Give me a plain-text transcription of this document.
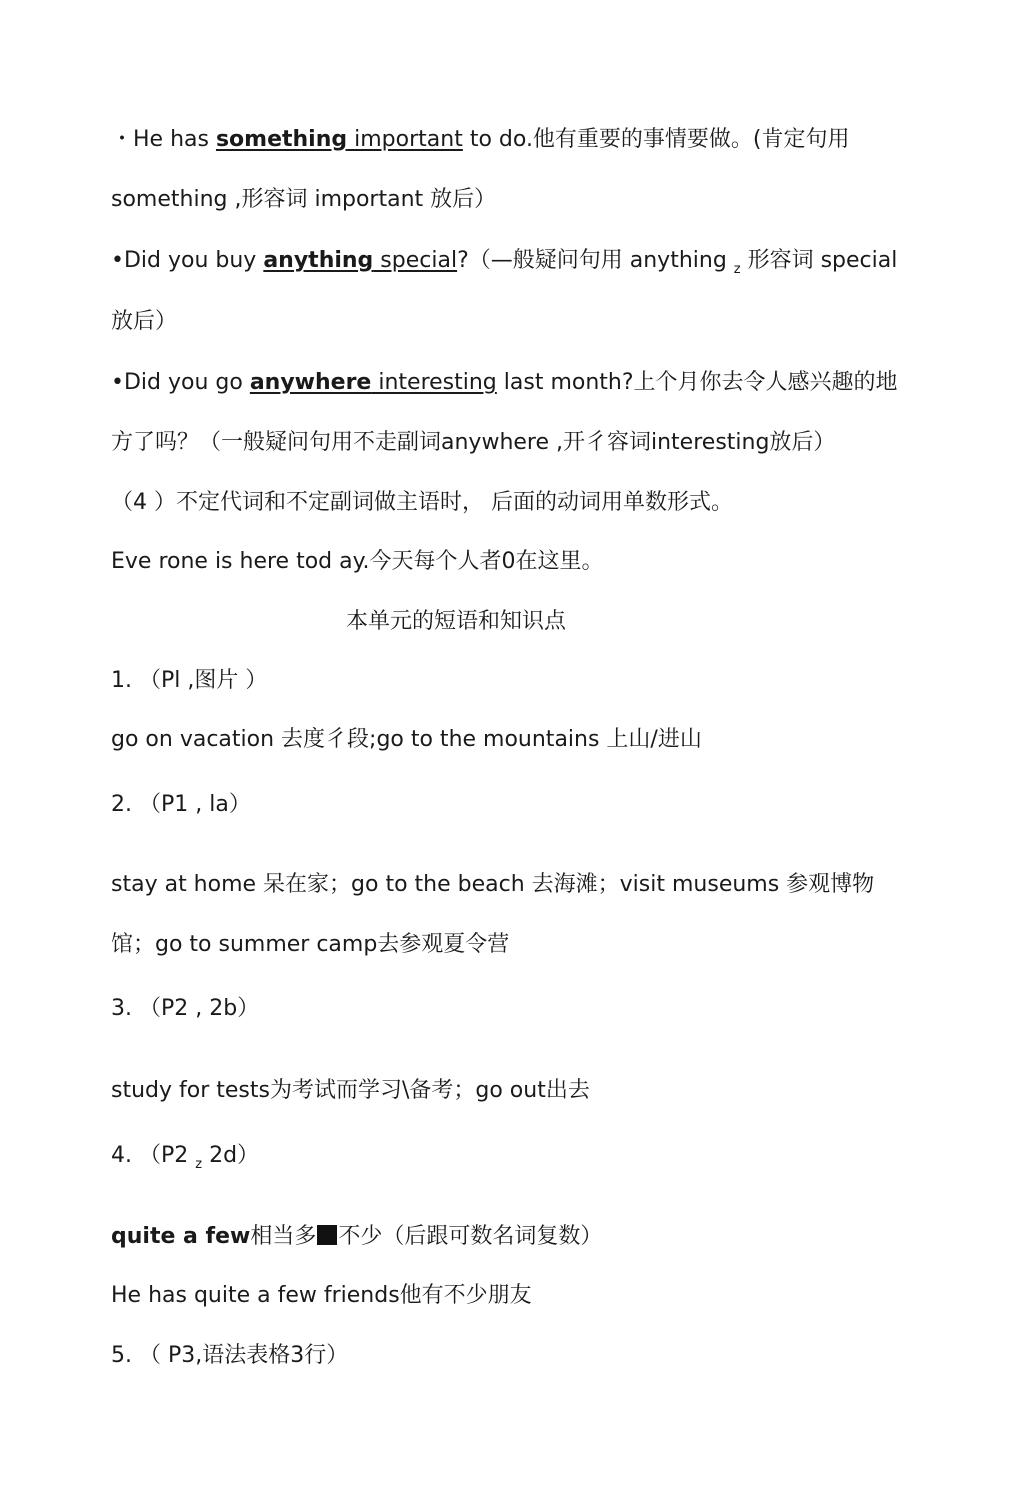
・He has something important to do.他有重要的事情要做。(肯定句用
something ,形容词 important 放后）
•Did you buy anything special?（—般疑问句用 anything $_z$ 形容词 special
放后）
•Did you go anywhere interesting last month?上个月你去令人感兴趣的地
方了吗？（一般疑问句用不走副词anywhere ,开彳容词interesting放后）
（4 ）不定代词和不定副词做主语时， 后面的动词用单数形式。
Eve rone is here tod ay.今天每个人者0在这里。
本单元的短语和知识点
1. （Pl ,图片 ）
go on vacation 去度彳段;go to the mountains 上山/进山
2. （P1 , la）
stay at home 呆在家；go to the beach 去海滩；visit museums 参观博物
馆；go to summer camp去参观夏令营
3. （P2 , 2b）
study for tests为考试而学习\备考；go out出去
4. （P2 $_z$ 2d）
quite a few相当多 不少（后跟可数名词复数）
He has quite a few friends他有不少朋友
5. （ P3,语法表格3行）
